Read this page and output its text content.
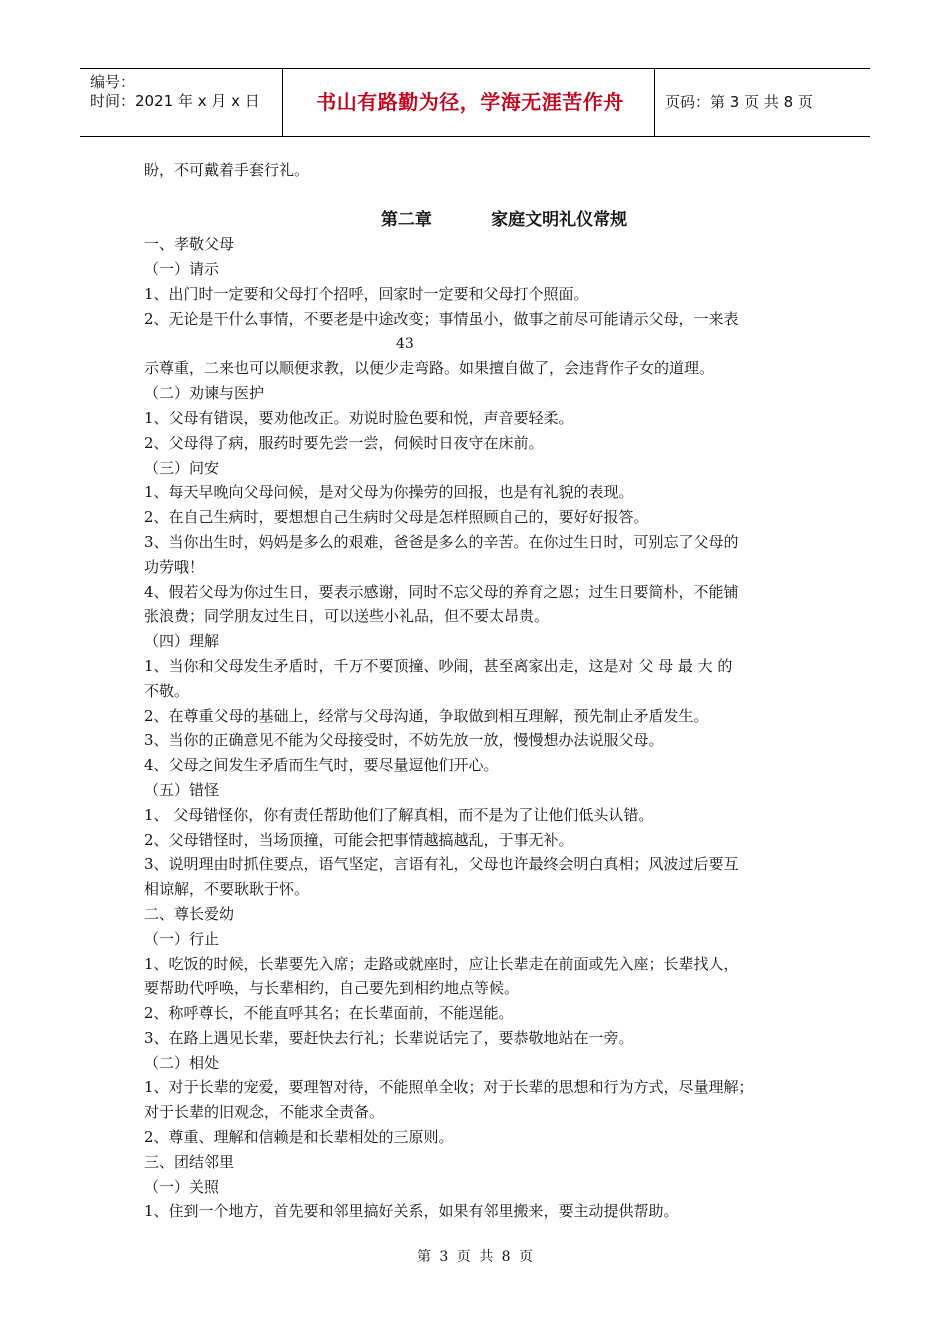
编号：
时间：2021 年 x 月 x 日	书山有路勤为径，学海无涯苦作舟	页码：第 3 页 共 8 页
盼，不可戴着手套行礼。
第二章          家庭文明礼仪常规
一、孝敬父母
（一）请示
1、出门时一定要和父母打个招呼，回家时一定要和父母打个照面。
2、无论是干什么事情，不要老是中途改变；事情虽小，做事之前尽可能请示父母，一来表
43
示尊重，二来也可以顺便求教，以便少走弯路。如果擅自做了，会违背作子女的道理。
（二）劝谏与医护
1、父母有错误，要劝他改正。劝说时脸色要和悦，声音要轻柔。
2、父母得了病，服药时要先尝一尝，伺候时日夜守在床前。
（三）问安
1、每天早晚向父母问候，是对父母为你操劳的回报，也是有礼貌的表现。
2、在自己生病时，要想想自己生病时父母是怎样照顾自己的，要好好报答。
3、当你出生时，妈妈是多么的艰难，爸爸是多么的辛苦。在你过生日时，可别忘了父母的
功劳哦！
4、假若父母为你过生日，要表示感谢，同时不忘父母的养育之恩；过生日要简朴，不能铺
张浪费；同学朋友过生日，可以送些小礼品，但不要太昂贵。
（四）理解
1、当你和父母发生矛盾时，千万不要顶撞、吵闹，甚至离家出走，这是对 父 母 最 大 的
不敬。
2、在尊重父母的基础上，经常与父母沟通，争取做到相互理解，预先制止矛盾发生。
3、当你的正确意见不能为父母接受时，不妨先放一放，慢慢想办法说服父母。
4、父母之间发生矛盾而生气时，要尽量逗他们开心。
（五）错怪
1、 父母错怪你，你有责任帮助他们了解真相，而不是为了让他们低头认错。
2、父母错怪时，当场顶撞，可能会把事情越搞越乱，于事无补。
3、说明理由时抓住要点，语气坚定，言语有礼，父母也许最终会明白真相；风波过后要互
相谅解，不要耿耿于怀。
二、尊长爱幼
（一）行止
1、吃饭的时候，长辈要先入席；走路或就座时，应让长辈走在前面或先入座；长辈找人，
要帮助代呼唤，与长辈相约，自己要先到相约地点等候。
2、称呼尊长，不能直呼其名；在长辈面前，不能逞能。
3、在路上遇见长辈，要赶快去行礼；长辈说话完了，要恭敬地站在一旁。
（二）相处
1、对于长辈的宠爱，要理智对待，不能照单全收；对于长辈的思想和行为方式，尽量理解；
对于长辈的旧观念，不能求全责备。
2、尊重、理解和信赖是和长辈相处的三原则。
三、团结邻里
（一）关照
1、住到一个地方，首先要和邻里搞好关系，如果有邻里搬来，要主动提供帮助。
第 3 页 共 8 页
